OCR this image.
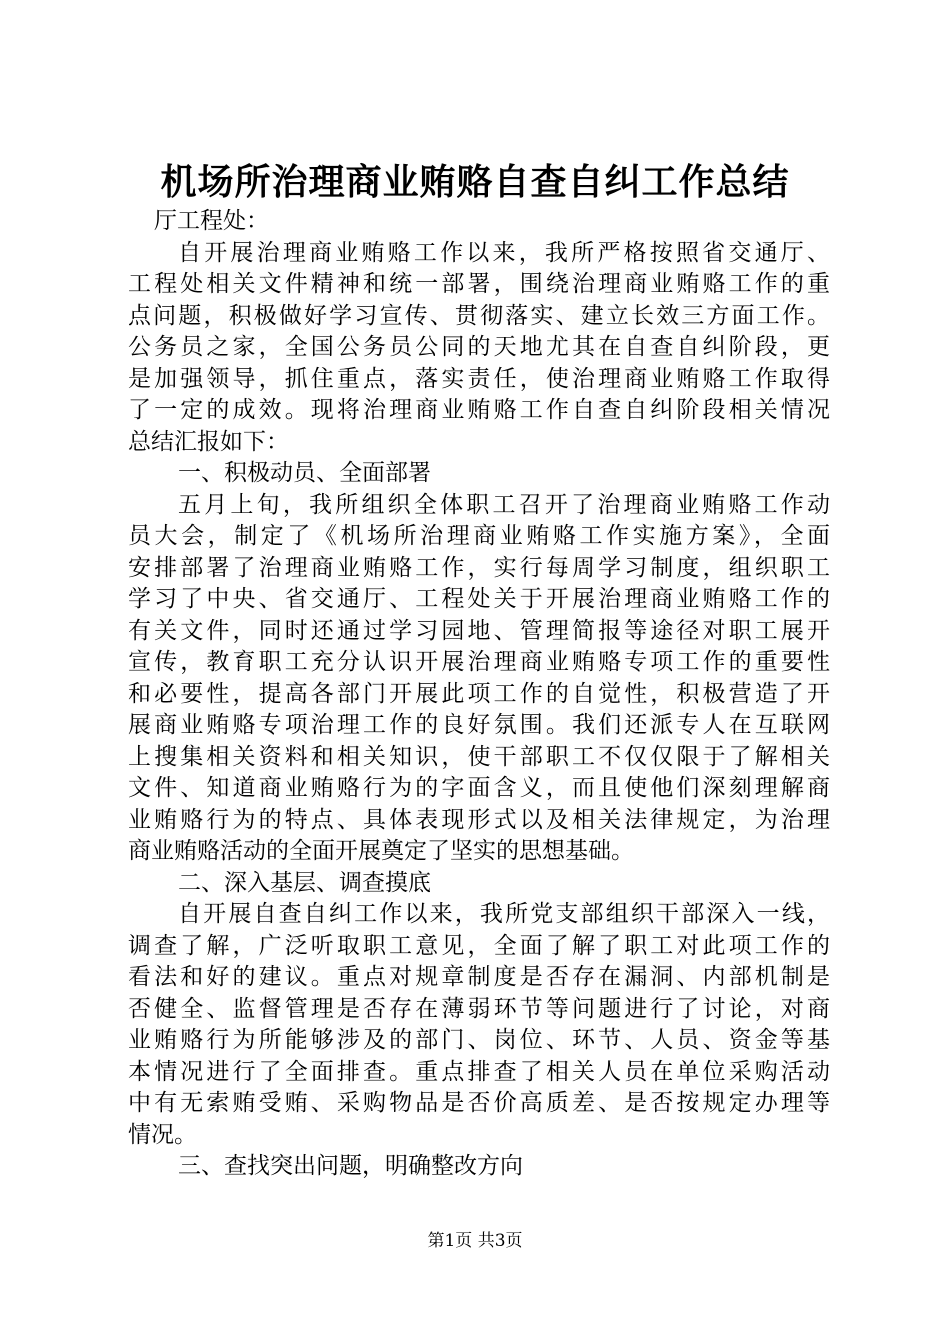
机场所治理商业贿赂自查自纠工作总结
厅工程处：
自开展治理商业贿赂工作以来，我所严格按照省交通厅、
工程处相关文件精神和统一部署，围绕治理商业贿赂工作的重
点问题，积极做好学习宣传、贯彻落实、建立长效三方面工作。
公务员之家，全国公务员公同的天地尤其在自查自纠阶段，更
是加强领导，抓住重点，落实责任，使治理商业贿赂工作取得
了一定的成效。现将治理商业贿赂工作自查自纠阶段相关情况
总结汇报如下：
一、积极动员、全面部署
五月上旬，我所组织全体职工召开了治理商业贿赂工作动
员大会，制定了《机场所治理商业贿赂工作实施方案》，全面
安排部署了治理商业贿赂工作，实行每周学习制度，组织职工
学习了中央、省交通厅、工程处关于开展治理商业贿赂工作的
有关文件，同时还通过学习园地、管理简报等途径对职工展开
宣传，教育职工充分认识开展治理商业贿赂专项工作的重要性
和必要性，提高各部门开展此项工作的自觉性，积极营造了开
展商业贿赂专项治理工作的良好氛围。我们还派专人在互联网
上搜集相关资料和相关知识，使干部职工不仅仅限于了解相关
文件、知道商业贿赂行为的字面含义，而且使他们深刻理解商
业贿赂行为的特点、具体表现形式以及相关法律规定，为治理
商业贿赂活动的全面开展奠定了坚实的思想基础。
二、深入基层、调查摸底
自开展自查自纠工作以来，我所党支部组织干部深入一线，
调查了解，广泛听取职工意见，全面了解了职工对此项工作的
看法和好的建议。重点对规章制度是否存在漏洞、内部机制是
否健全、监督管理是否存在薄弱环节等问题进行了讨论，对商
业贿赂行为所能够涉及的部门、岗位、环节、人员、资金等基
本情况进行了全面排查。重点排查了相关人员在单位采购活动
中有无索贿受贿、采购物品是否价高质差、是否按规定办理等
情况。
三、查找突出问题，明确整改方向
第1页 共3页
